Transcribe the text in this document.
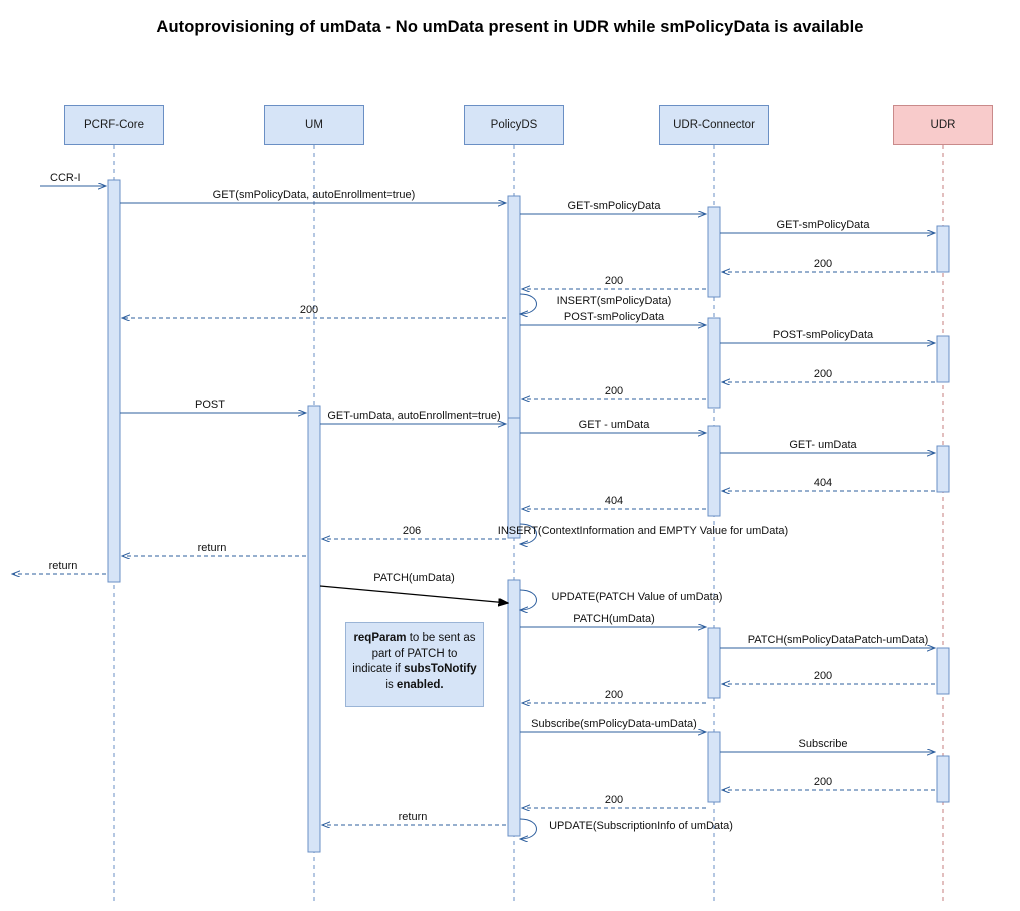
Autoprovisioning of umData - No umData present in UDR while smPolicyData is available
PCRF-Core	UM	PolicyDS	UDR-Connector	UDR
CCR-I
GET(smPolicyData, autoEnrollment=true)
GET-smPolicyData
GET-smPolicyData
200
200
INSERT(smPolicyData)
200
POST-smPolicyData
POST-smPolicyData
200
200
POST
GET-umData, autoEnrollment=true)
GET - umData
GET- umData
404
404
206	INSERT(ContextInformation and EMPTY Value for umData)
return
return
PATCH(umData)
UPDATE(PATCH Value of umData)
PATCH(umData)
PATCH(smPolicyDataPatch-umData)
200
200
Subscribe(smPolicyData-umData)
Subscribe
200
200
return
UPDATE(SubscriptionInfo of umData)
reqParam to be sent as part of PATCH to indicate if subsToNotify is enabled.
